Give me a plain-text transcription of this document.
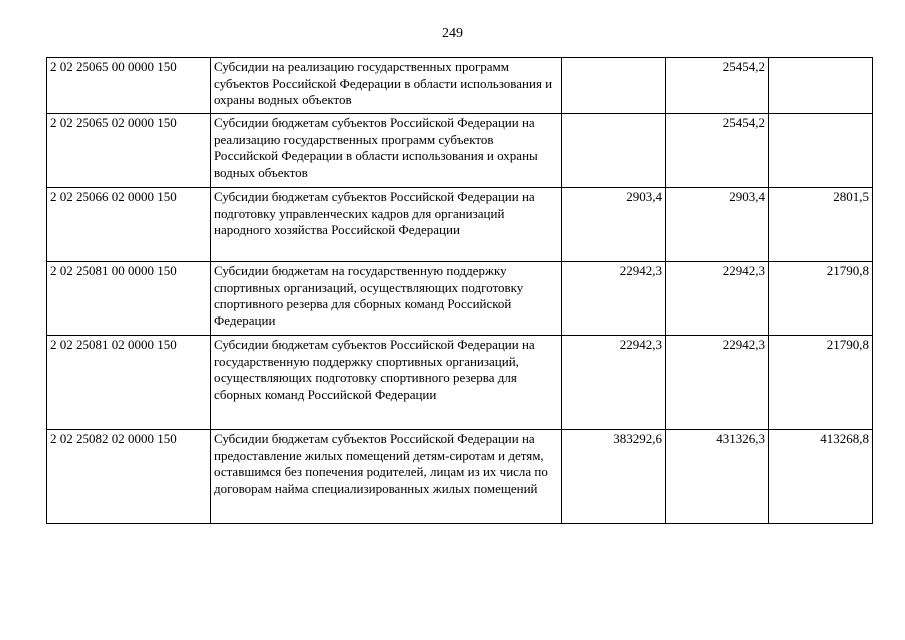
249
2 02 25065 00 0000 150	Субсидии на реализацию государственных программ субъектов Российской Федерации в области использования и охраны водных объектов		25454,2	
2 02 25065 02 0000 150	Субсидии бюджетам субъектов Российской Федерации на реализацию государственных программ субъектов Российской Федерации в области использования и охраны водных объектов		25454,2	
2 02 25066 02 0000 150	Субсидии бюджетам субъектов Российской Федерации на подготовку управленческих кадров для организаций народного хозяйства Российской Федерации	2903,4	2903,4	2801,5
2 02 25081 00 0000 150	Субсидии бюджетам на государственную поддержку спортивных организаций, осуществляющих подготовку спортивного резерва для сборных команд Российской Федерации	22942,3	22942,3	21790,8
2 02 25081 02 0000 150	Субсидии бюджетам субъектов Российской Федерации на государственную поддержку спортивных организаций, осуществляющих подготовку спортивного резерва для сборных команд Российской Федерации	22942,3	22942,3	21790,8
2 02 25082 02 0000 150	Субсидии бюджетам субъектов Российской Федерации на предоставление жилых помещений детям-сиротам и детям, оставшимся без попечения родителей, лицам из их числа по договорам найма специализированных жилых помещений	383292,6	431326,3	413268,8
